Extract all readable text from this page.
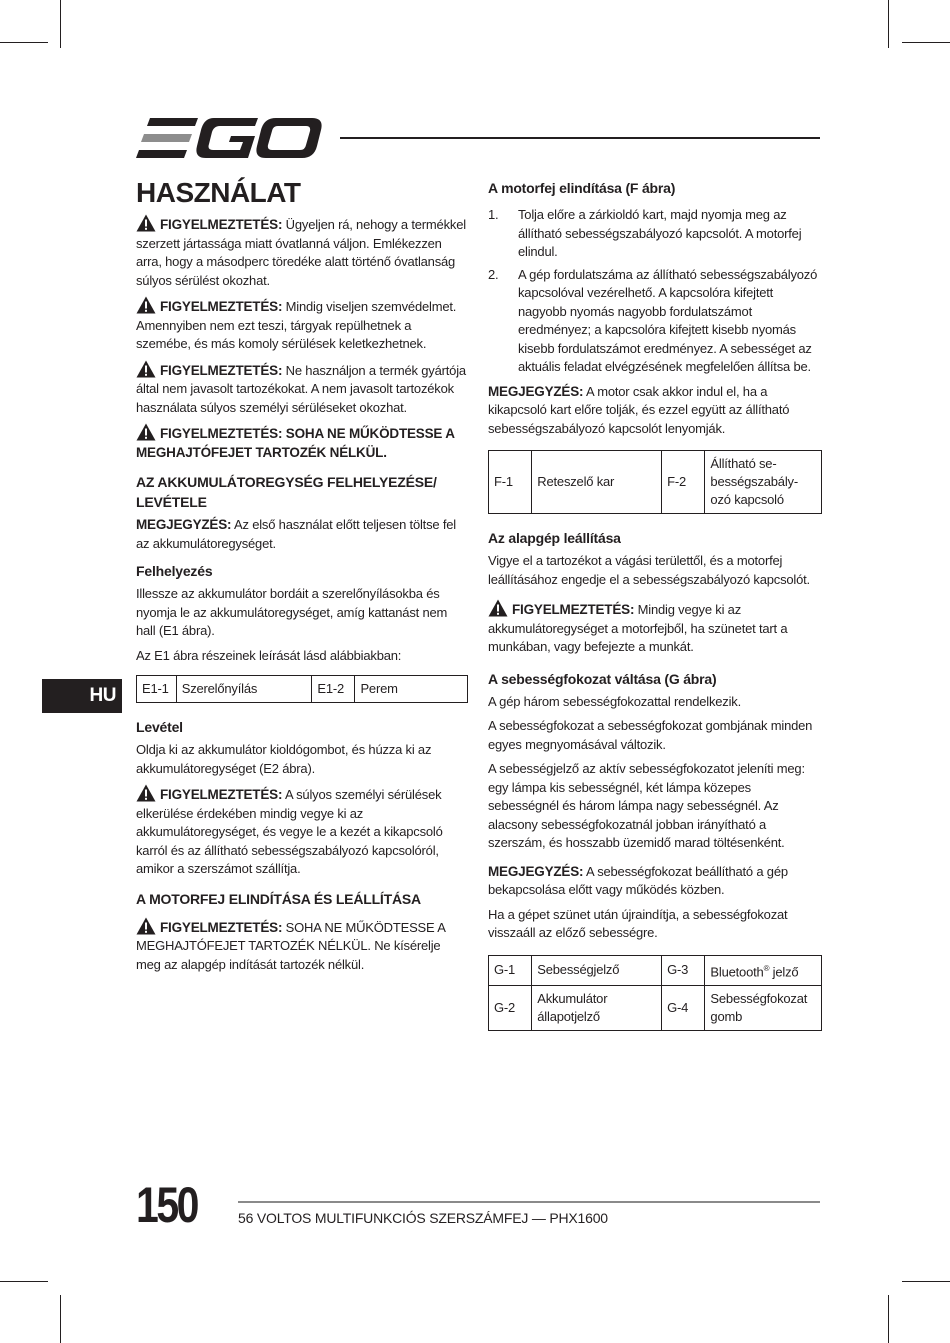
HU
HASZNÁLAT

FIGYELMEZTETÉS: Ügyeljen rá, nehogy a termékkel szerzett jártassága miatt óvatlanná váljon. Emlékezzen arra, hogy a másodperc töredéke alatt történő óvatlanság súlyos sérülést okozhat.

FIGYELMEZTETÉS: Mindig viseljen szemvédelmet. Amennyiben nem ezt teszi, tárgyak repülhetnek a szemébe, és más komoly sérülések keletkezhetnek.

FIGYELMEZTETÉS: Ne használjon a termék gyártója által nem javasolt tartozékokat. A nem javasolt tartozékok használata súlyos személyi sérüléseket okozhat.

FIGYELMEZTETÉS: SOHA NE MŰKÖDTESSE A MEGHAJTÓFEJET TARTOZÉK NÉLKÜL.

AZ AKKUMULÁTOREGYSÉG FELHELYEZÉSE/ LEVÉTELE

MEGJEGYZÉS: Az első használat előtt teljesen töltse fel az akkumulátoregységet.

Felhelyezés

Illessze az akkumulátor bordáit a szerelőnyílásokba és nyomja le az akkumulátoregységet, amíg kattanást nem hall (E1 ábra).

Az E1 ábra részeinek leírását lásd alábbiakban:

E1-1	Szerelőnyílás	E1-2	Perem
Levétel

Oldja ki az akkumulátor kioldógombot, és húzza ki az akkumulátoregységet (E2 ábra).

FIGYELMEZTETÉS: A súlyos személyi sérülések elkerülése érdekében mindig vegye ki az akkumulátoregységet, és vegye le a kezét a kikapcsoló karról és az állítható sebességszabályozó kapcsolóról, amikor a szerszámot szállítja.

A MOTORFEJ ELINDÍTÁSA ÉS LEÁLLÍTÁSA

FIGYELMEZTETÉS: SOHA NE MŰKÖDTESSE A MEGHAJTÓFEJET TARTOZÉK NÉLKÜL. Ne kísérelje meg az alapgép indítását tartozék nélkül.

A motorfej elindítása (F ábra)
1. Tolja előre a zárkioldó kart, majd nyomja meg az állítható sebességszabályozó kapcsolót. A motorfej elindul.
2. A gép fordulatszáma az állítható sebességszabályozó kapcsolóval vezérelhető. A kapcsolóra kifejtett nagyobb nyomás nagyobb fordulatszámot eredményez; a kapcsolóra kifejtett kisebb nyomás kisebb fordulatszámot eredményez. A sebességet az aktuális feladat elvégzésének megfelelően állítsa be.

MEGJEGYZÉS: A motor csak akkor indul el, ha a kikapcsoló kart előre tolják, és ezzel együtt az állítható sebességszabályozó kapcsolót lenyomják.

F-1	Reteszelő kar	F-2	Állítható se-bességszabály-ozó kapcsoló
Az alapgép leállítása

Vigye el a tartozékot a vágási területtől, és a motorfej leállításához engedje el a sebességszabályozó kapcsolót.

FIGYELMEZTETÉS: Mindig vegye ki az akkumulátoregységet a motorfejből, ha szünetet tart a munkában, vagy befejezte a munkát.

A sebességfokozat váltása (G ábra)

A gép három sebességfokozattal rendelkezik.

A sebességfokozat a sebességfokozat gombjának minden egyes megnyomásával változik.

A sebességjelző az aktív sebességfokozatot jeleníti meg: egy lámpa kis sebességnél, két lámpa közepes sebességnél és három lámpa nagy sebességnél. Az alacsony sebességfokozatnál jobban irányítható a szerszám, és hosszabb üzemidő marad töltésenként.

MEGJEGYZÉS: A sebességfokozat beállítható a gép bekapcsolása előtt vagy működés közben.

Ha a gépet szünet után újraindítja, a sebességfokozat visszaáll az előző sebességre.

G-1	Sebességjelző	G-3	Bluetooth® jelző
G-2	Akkumulátor állapotjelző	G-4	Sebességfokozat gomb
150	56 VOLTOS MULTIFUNKCIÓS SZERSZÁMFEJ — PHX1600
